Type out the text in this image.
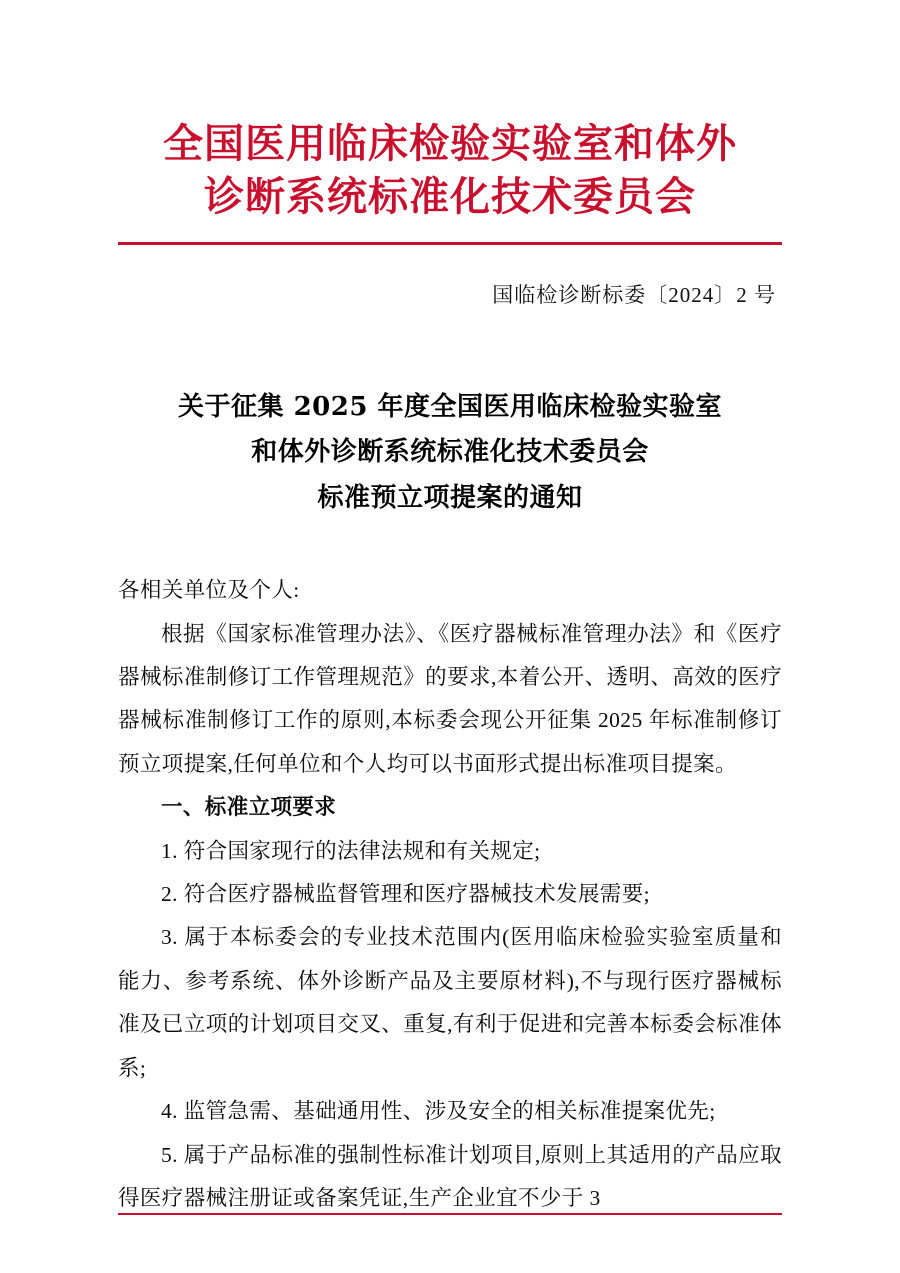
全国医用临床检验实验室和体外
诊断系统标准化技术委员会
国临检诊断标委〔2024〕2 号
关于征集 2025 年度全国医用临床检验实验室
和体外诊断系统标准化技术委员会
标准预立项提案的通知

各相关单位及个人:

根据《国家标准管理办法》、《医疗器械标准管理办法》和《医疗器械标准制修订工作管理规范》的要求,本着公开、透明、高效的医疗器械标准制修订工作的原则,本标委会现公开征集 2025 年标准制修订预立项提案,任何单位和个人均可以书面形式提出标准项目提案。

一、标准立项要求

1. 符合国家现行的法律法规和有关规定;

2. 符合医疗器械监督管理和医疗器械技术发展需要;

3. 属于本标委会的专业技术范围内(医用临床检验实验室质量和能力、参考系统、体外诊断产品及主要原材料),不与现行医疗器械标准及已立项的计划项目交叉、重复,有利于促进和完善本标委会标准体系;

4. 监管急需、基础通用性、涉及安全的相关标准提案优先;

5. 属于产品标准的强制性标准计划项目,原则上其适用的产品应取得医疗器械注册证或备案凭证,生产企业宜不少于 3
